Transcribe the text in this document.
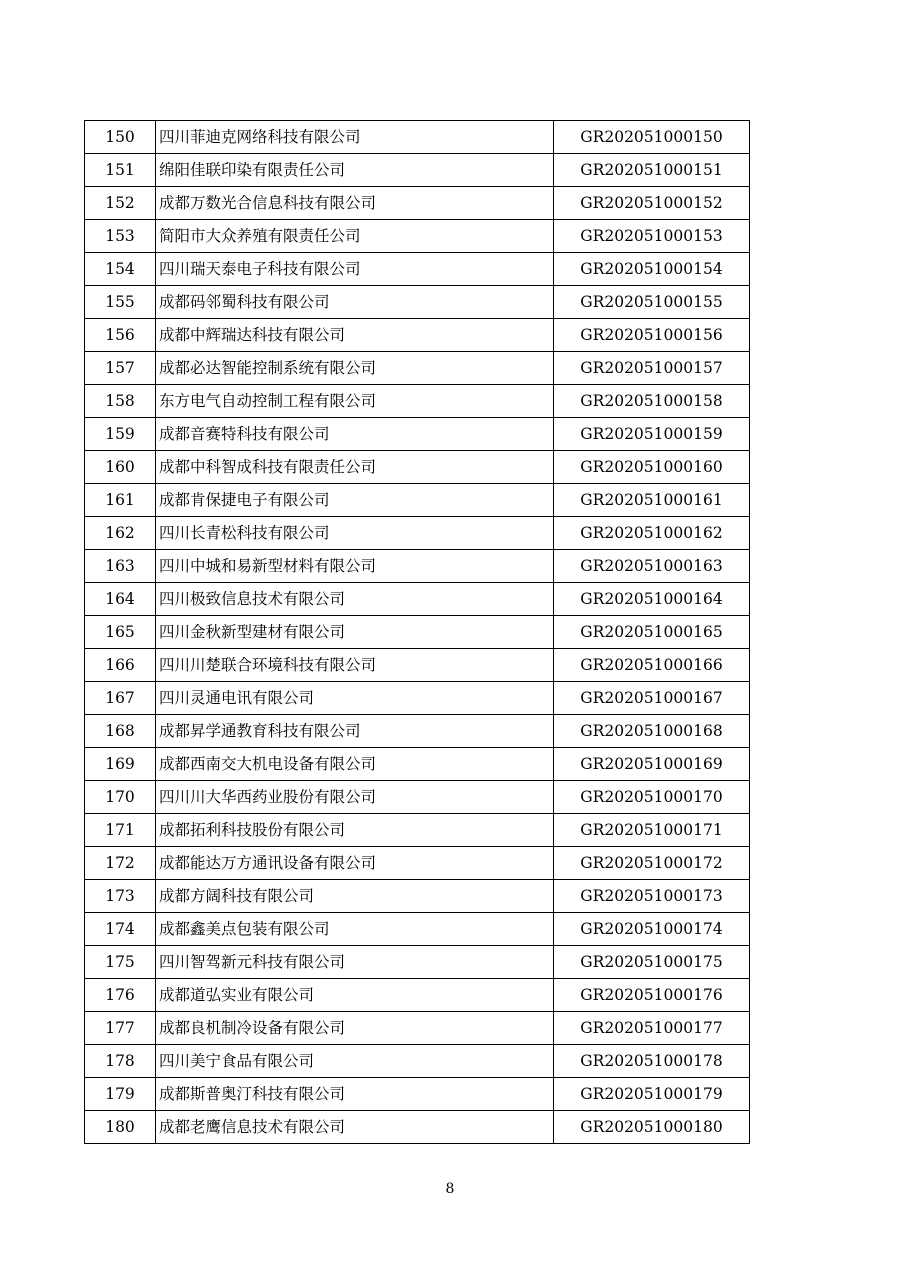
150	四川菲迪克网络科技有限公司	GR202051000150
151	绵阳佳联印染有限责任公司	GR202051000151
152	成都万数光合信息科技有限公司	GR202051000152
153	简阳市大众养殖有限责任公司	GR202051000153
154	四川瑞天泰电子科技有限公司	GR202051000154
155	成都码邻蜀科技有限公司	GR202051000155
156	成都中辉瑞达科技有限公司	GR202051000156
157	成都必达智能控制系统有限公司	GR202051000157
158	东方电气自动控制工程有限公司	GR202051000158
159	成都音赛特科技有限公司	GR202051000159
160	成都中科智成科技有限责任公司	GR202051000160
161	成都肯保捷电子有限公司	GR202051000161
162	四川长青松科技有限公司	GR202051000162
163	四川中城和易新型材料有限公司	GR202051000163
164	四川极致信息技术有限公司	GR202051000164
165	四川金秋新型建材有限公司	GR202051000165
166	四川川楚联合环境科技有限公司	GR202051000166
167	四川灵通电讯有限公司	GR202051000167
168	成都昇学通教育科技有限公司	GR202051000168
169	成都西南交大机电设备有限公司	GR202051000169
170	四川川大华西药业股份有限公司	GR202051000170
171	成都拓利科技股份有限公司	GR202051000171
172	成都能达万方通讯设备有限公司	GR202051000172
173	成都方阔科技有限公司	GR202051000173
174	成都鑫美点包装有限公司	GR202051000174
175	四川智驾新元科技有限公司	GR202051000175
176	成都道弘实业有限公司	GR202051000176
177	成都良机制冷设备有限公司	GR202051000177
178	四川美宁食品有限公司	GR202051000178
179	成都斯普奥汀科技有限公司	GR202051000179
180	成都老鹰信息技术有限公司	GR202051000180
8
